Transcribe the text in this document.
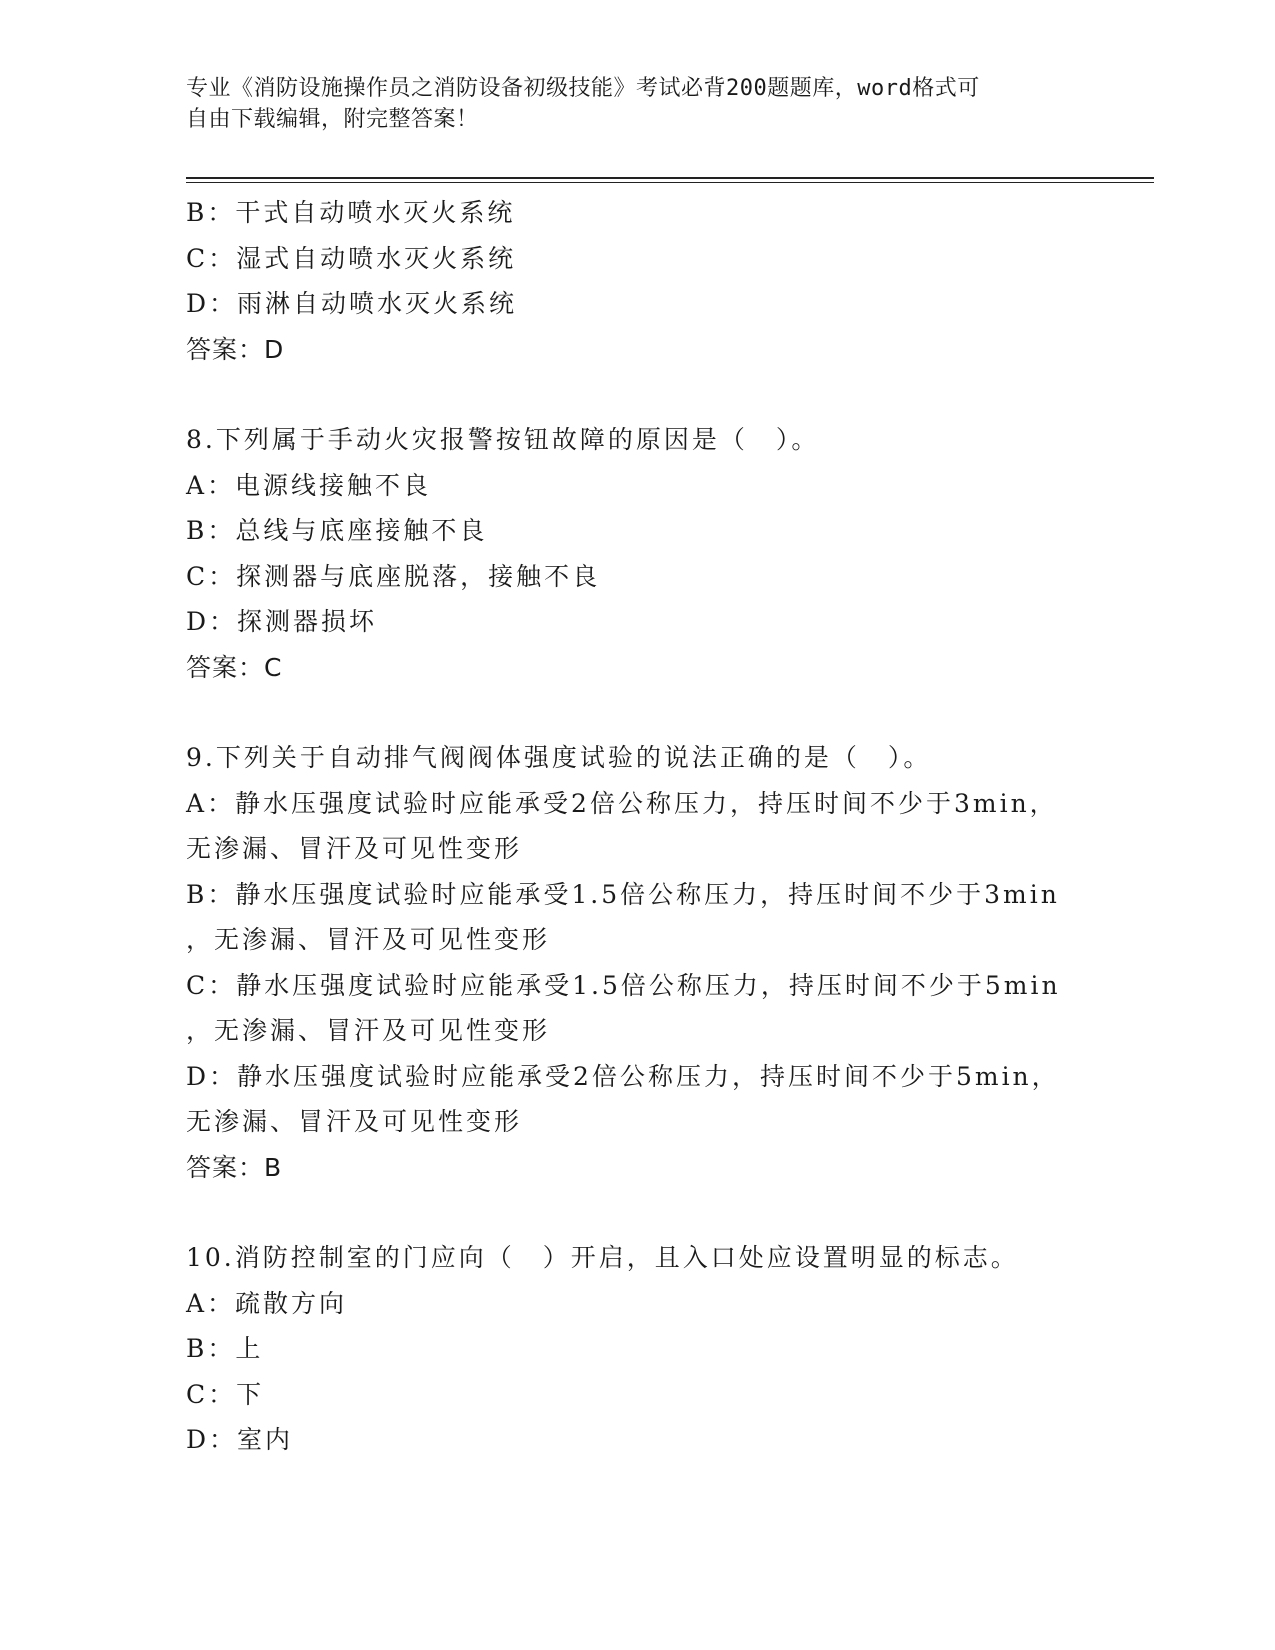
专业《消防设施操作员之消防设备初级技能》考试必背200题题库，word格式可
自由下载编辑，附完整答案！
B：干式自动喷水灭火系统
C：湿式自动喷水灭火系统
D：雨淋自动喷水灭火系统
答案：D
8.下列属于手动火灾报警按钮故障的原因是（　）。
A：电源线接触不良
B：总线与底座接触不良
C：探测器与底座脱落，接触不良
D：探测器损坏
答案：C
9.下列关于自动排气阀阀体强度试验的说法正确的是（　）。
A：静水压强度试验时应能承受2倍公称压力，持压时间不少于3min，
无渗漏、冒汗及可见性变形
B：静水压强度试验时应能承受1.5倍公称压力，持压时间不少于3min
，无渗漏、冒汗及可见性变形
C：静水压强度试验时应能承受1.5倍公称压力，持压时间不少于5min
，无渗漏、冒汗及可见性变形
D：静水压强度试验时应能承受2倍公称压力，持压时间不少于5min，
无渗漏、冒汗及可见性变形
答案：B
10.消防控制室的门应向（　）开启，且入口处应设置明显的标志。
A：疏散方向
B：上
C：下
D：室内
